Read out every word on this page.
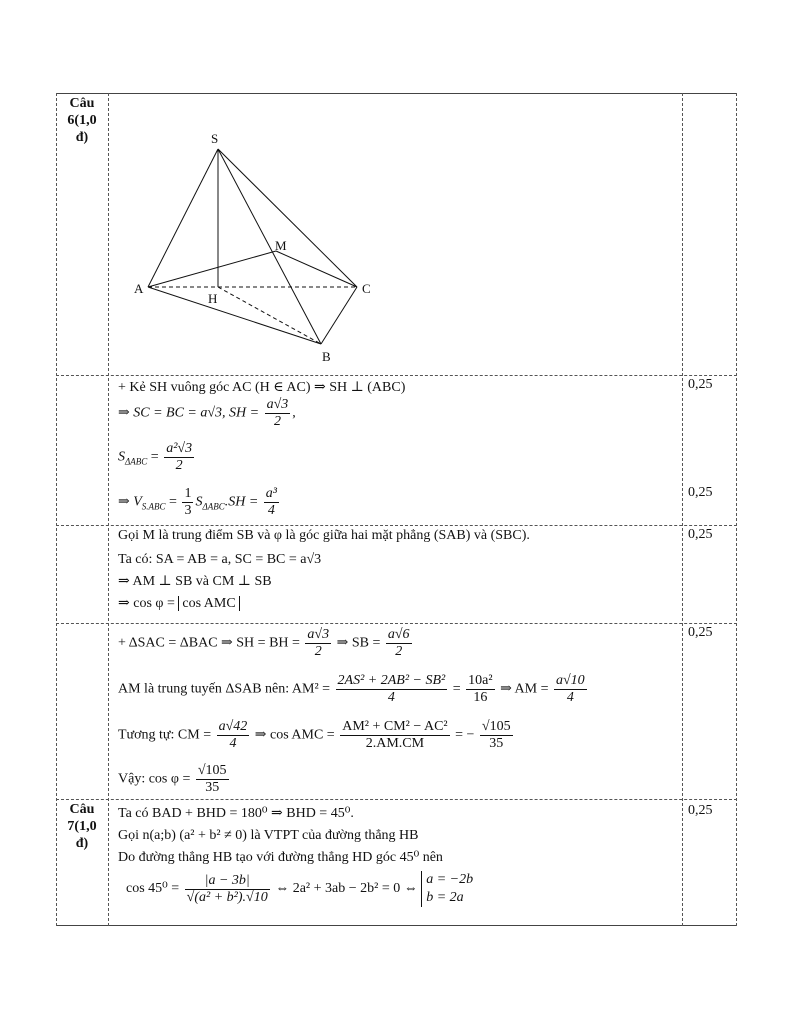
Câu 6(1,0 đ)
Câu 7(1,0 đ)
S
M
A
H
C
B
+ Kẻ SH vuông góc AC (H ∈ AC) ⇒ SH ⊥ (ABC)
⇒ SC = BC = a√3, SH = $\frac{a√3}{2}$ ,
$S_{\Delta ABC} = \frac{\text{a²√3}}{2}$
⇒ $V_{S.ABC} = \frac{1}{3} S_{\Delta ABC}.SH = \frac{\text{a³}}{4}$
0,25
0,25
Gọi M là trung điểm SB và φ là góc giữa hai mặt phẳng (SAB) và (SBC).
Ta có: SA = AB = a, SC = BC = a√3
⇒ AM ⊥ SB và CM ⊥ SB
⇒ cos φ = cos AMC
0,25
+ ΔSAC = ΔBAC ⇒ SH = BH = $\frac{a√3}{2}$ ⇒ SB = $\frac{a√6}{2}$
AM là trung tuyến ΔSAB nên: $AM^2 = \frac{\text{2AS² + 2AB² − SB²}}{4} = \frac{\text{10a²}}{16}$ ⇒ AM = $\frac{a√10}{4}$
Tương tự: CM = $\frac{a√42}{4}$ ⇒ cos AMC = $\frac{\text{AM² + CM² − AC²}}{2.AM.CM}$ = − $\frac{√105}{35}$
Vậy: $\cos \varphi = \frac{√105}{35}$
0,25
Ta có BAD + BHD = 180⁰ ⇒ BHD = 45⁰.
Gọi n(a;b) (a² + b² ≠ 0) là VTPT của đường thẳng HB
Do đường thẳng HB tạo với đường thẳng HD góc 45⁰ nên
$\cos 45^0 = \frac{|a - 3b|}{\text{√(a² + b²).√10}}$ ⇔ 2a² + 3ab − 2b² = 0 ⇔
a = −2b
b = 2a
0,25
